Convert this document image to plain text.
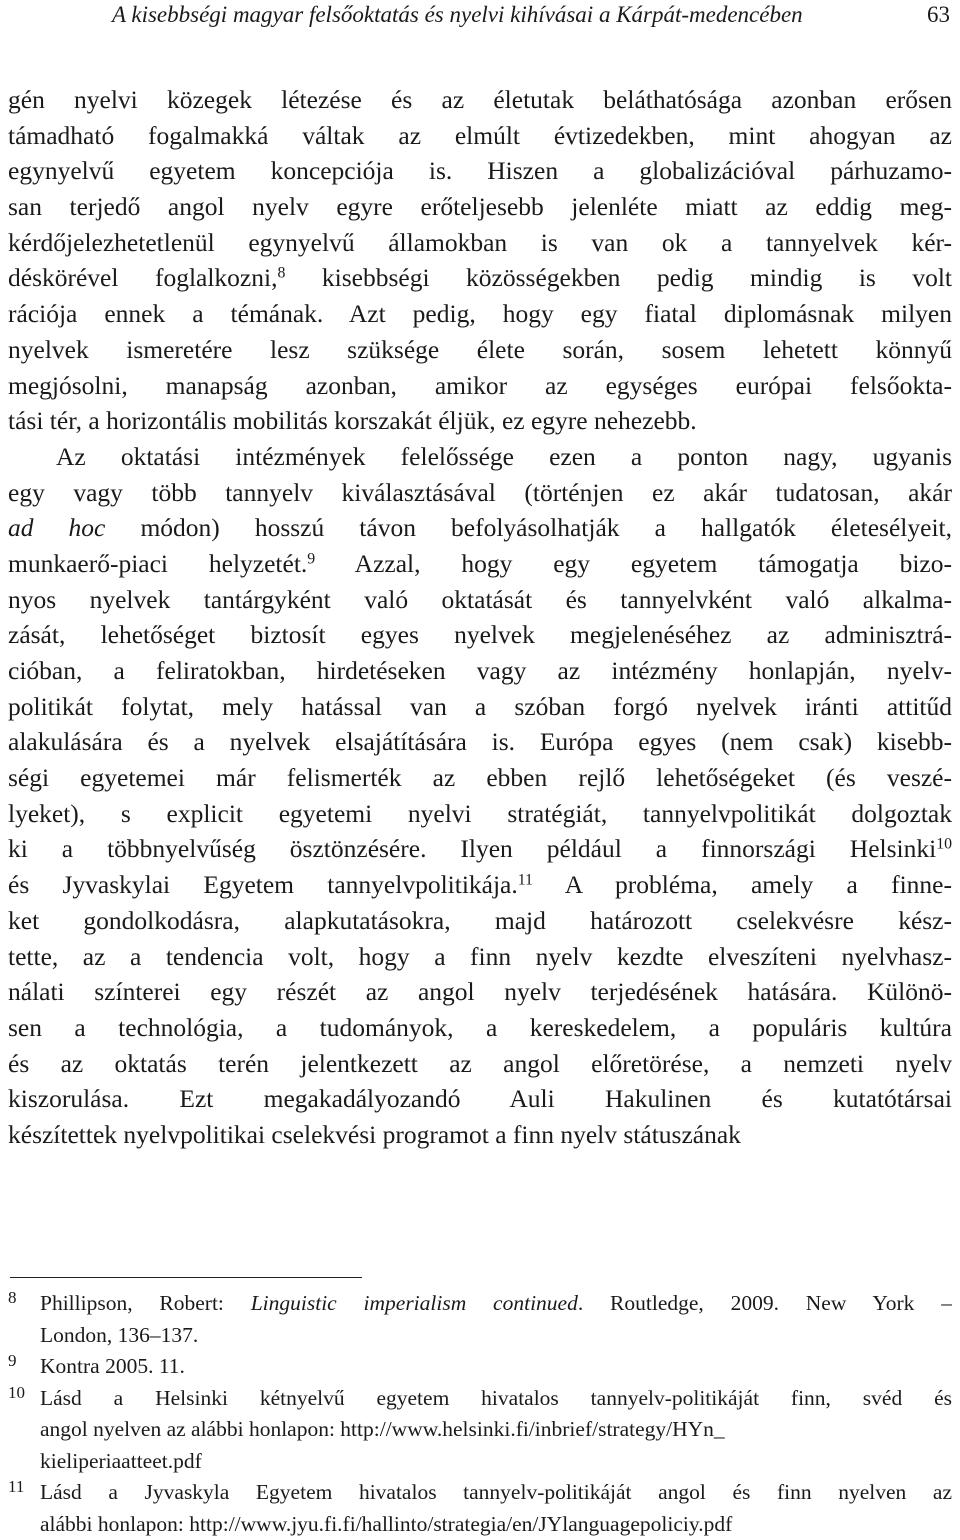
A kisebbségi magyar felsőoktatás és nyelvi kihívásai a Kárpát-medencében	63
gén nyelvi közegek létezése és az életutak beláthatósága azonban erősen
támadható fogalmakká váltak az elmúlt évtizedekben, mint ahogyan az
egynyelvű egyetem koncepciója is. Hiszen a globalizációval párhuzamo-
san terjedő angol nyelv egyre erőteljesebb jelenléte miatt az eddig meg-
kérdőjelezhetetlenül egynyelvű államokban is van ok a tannyelvek kér-
déskörével foglalkozni,$^8$ kisebbségi közösségekben pedig mindig is volt
rációja ennek a témának. Azt pedig, hogy egy fiatal diplomásnak milyen
nyelvek ismeretére lesz szüksége élete során, sosem lehetett könnyű
megjósolni, manapság azonban, amikor az egységes európai felsőokta-
tási tér, a horizontális mobilitás korszakát éljük, ez egyre nehezebb.
Az oktatási intézmények felelőssége ezen a ponton nagy, ugyanis
egy vagy több tannyelv kiválasztásával (történjen ez akár tudatosan, akár
ad hoc módon) hosszú távon befolyásolhatják a hallgatók életesélyeit,
munkaerő-piaci helyzetét.$^9$ Azzal, hogy egy egyetem támogatja bizo-
nyos nyelvek tantárgyként való oktatását és tannyelvként való alkalma-
zását, lehetőséget biztosít egyes nyelvek megjelenéséhez az adminisztrá-
cióban, a feliratokban, hirdetéseken vagy az intézmény honlapján, nyelv-
politikát folytat, mely hatással van a szóban forgó nyelvek iránti attitűd
alakulására és a nyelvek elsajátítására is. Európa egyes (nem csak) kisebb-
ségi egyetemei már felismerték az ebben rejlő lehetőségeket (és veszé-
lyeket), s explicit egyetemi nyelvi stratégiát, tannyelvpolitikát dolgoztak
ki a többnyelvűség ösztönzésére. Ilyen például a finnországi Helsinki$^{10}$
és Jyvaskylai Egyetem tannyelvpolitikája.$^{11}$ A probléma, amely a finne-
ket gondolkodásra, alapkutatásokra, majd határozott cselekvésre kész-
tette, az a tendencia volt, hogy a finn nyelv kezdte elveszíteni nyelvhasz-
nálati színterei egy részét az angol nyelv terjedésének hatására. Különö-
sen a technológia, a tudományok, a kereskedelem, a populáris kultúra
és az oktatás terén jelentkezett az angol előretörése, a nemzeti nyelv
kiszorulása. Ezt megakadályozandó Auli Hakulinen és kutatótársai
készítettek nyelvpolitikai cselekvési programot a finn nyelv státuszának
8 Phillipson, Robert: Linguistic imperialism continued. Routledge, 2009. New York –
London, 136–137.
9 Kontra 2005. 11.
10 Lásd a Helsinki kétnyelvű egyetem hivatalos tannyelv-politikáját finn, svéd és
angol nyelven az alábbi honlapon: http://www.helsinki.fi/inbrief/strategy/HYn_
kieliperiaatteet.pdf
11 Lásd a Jyvaskyla Egyetem hivatalos tannyelv-politikáját angol és finn nyelven az
alábbi honlapon: http://www.jyu.fi.fi/hallinto/strategia/en/JYlanguagepoliciy.pdf
